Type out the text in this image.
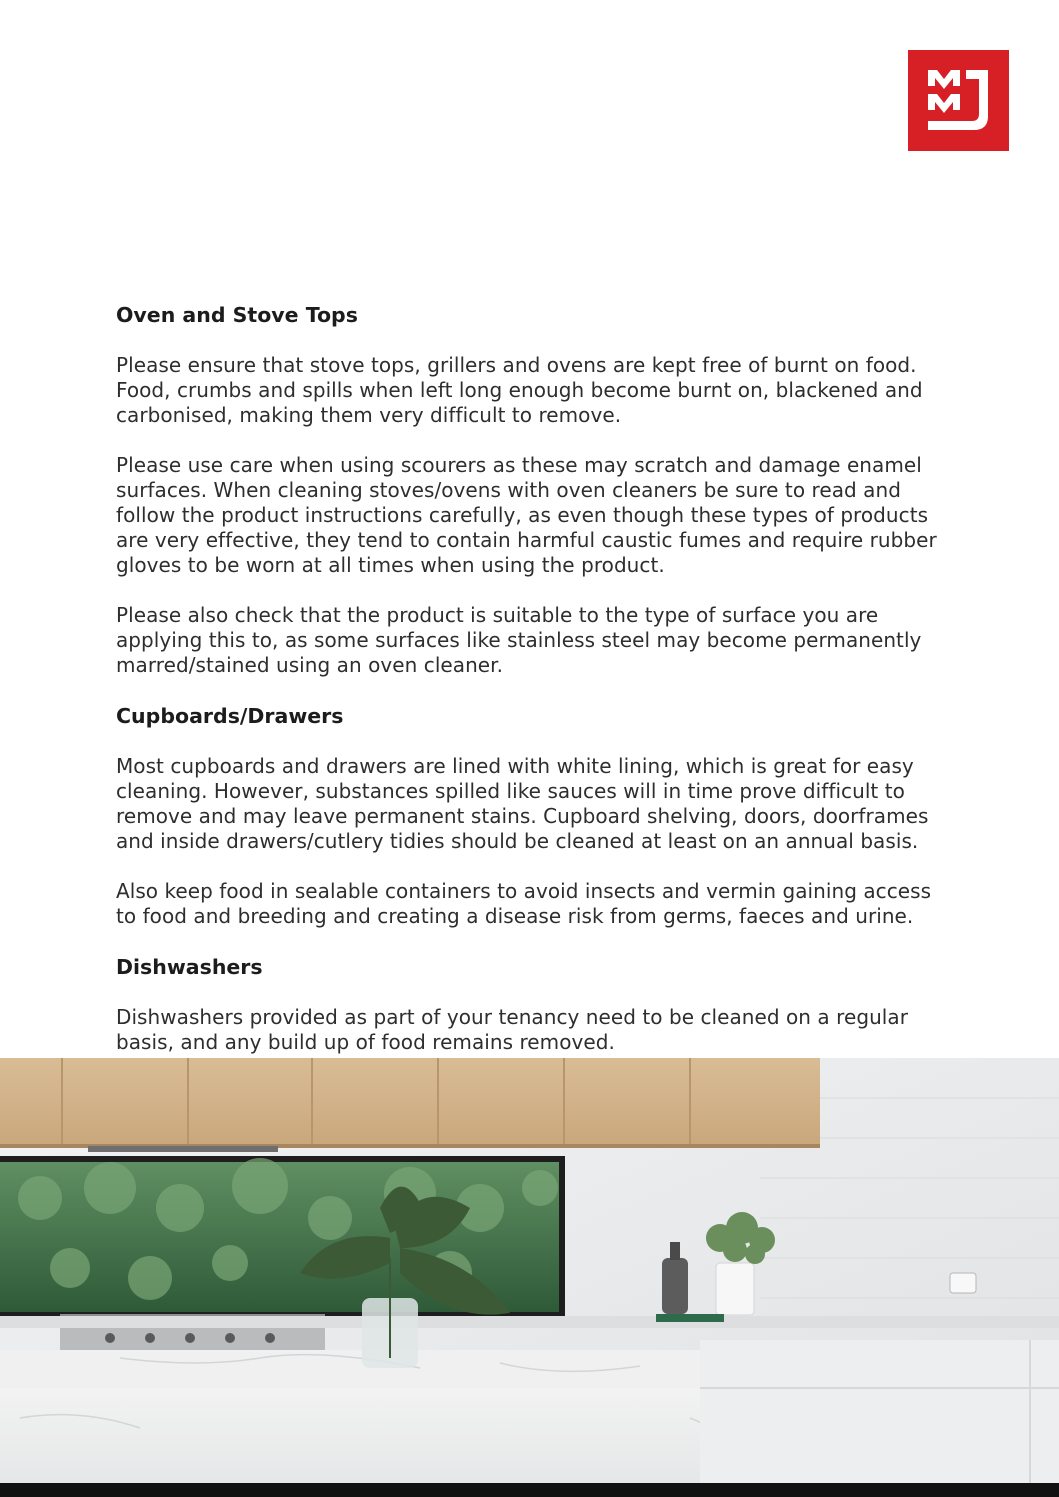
Oven and Stove Tops

Please ensure that stove tops, grillers and ovens are kept free of burnt on food.
Food, crumbs and spills when left long enough become burnt on, blackened and
carbonised, making them very difficult to remove.

Please use care when using scourers as these may scratch and damage enamel
surfaces. When cleaning stoves/ovens with oven cleaners be sure to read and
follow the product instructions carefully, as even though these types of products
are very effective, they tend to contain harmful caustic fumes and require rubber
gloves to be worn at all times when using the product.

Please also check that the product is suitable to the type of surface you are
applying this to, as some surfaces like stainless steel may become permanently
marred/stained using an oven cleaner.

Cupboards/Drawers

Most cupboards and drawers are lined with white lining, which is great for easy
cleaning. However, substances spilled like sauces will in time prove difficult to
remove and may leave permanent stains. Cupboard shelving, doors, doorframes
and inside drawers/cutlery tidies should be cleaned at least on an annual basis.

Also keep food in sealable containers to avoid insects and vermin gaining access
to food and breeding and creating a disease risk from germs, faeces and urine.

Dishwashers

Dishwashers provided as part of your tenancy need to be cleaned on a regular
basis, and any build up of food remains removed.
